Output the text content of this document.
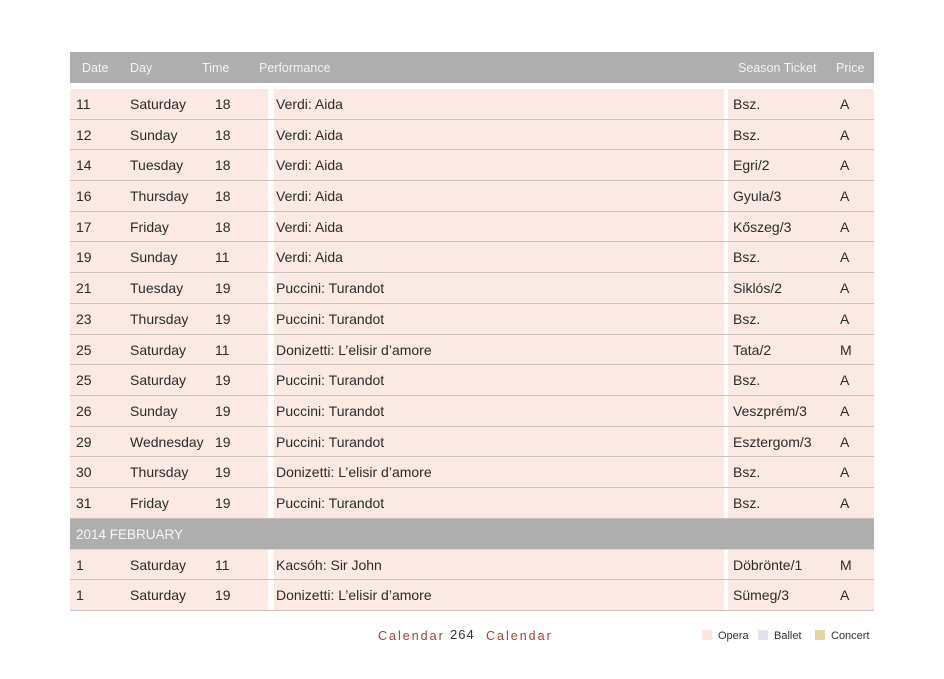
Date Day	Time Performance	Season Ticket Price
11	Saturday 18	Verdi: Aida	Bsz.	A
12	Sunday	18	Verdi: Aida	Bsz.	A
14	Tuesday 18	Verdi: Aida	Egri/2	A
16	Thursday 18	Verdi: Aida	Gyula/3	A
17	Friday	18	Verdi: Aida	Kőszeg/3	A
19	Sunday	11	Verdi: Aida	Bsz.	A
21	Tuesday 19	Puccini: Turandot	Siklós/2	A
23	Thursday 19	Puccini: Turandot	Bsz.	A
25	Saturday 11	Donizetti: L’elisir d’amore	Tata/2	M
25	Saturday 19	Puccini: Turandot	Bsz.	A
26	Sunday	19	Puccini: Turandot	Veszprém/3 A
29	Wednesday 19	Puccini: Turandot	Esztergom/3 A
30	Thursday 19	Donizetti: L’elisir d’amore	Bsz.	A
31	Friday	19	Puccini: Turandot	Bsz.	A
2014 FEBRUARY
1	Saturday 11	Kacsóh: Sir John	Döbrönte/1	M
1	Saturday 19	Donizetti: L’elisir d’amore	Sümeg/3	A
Calendar 264 Calendar	Opera	Ballet	Concert
